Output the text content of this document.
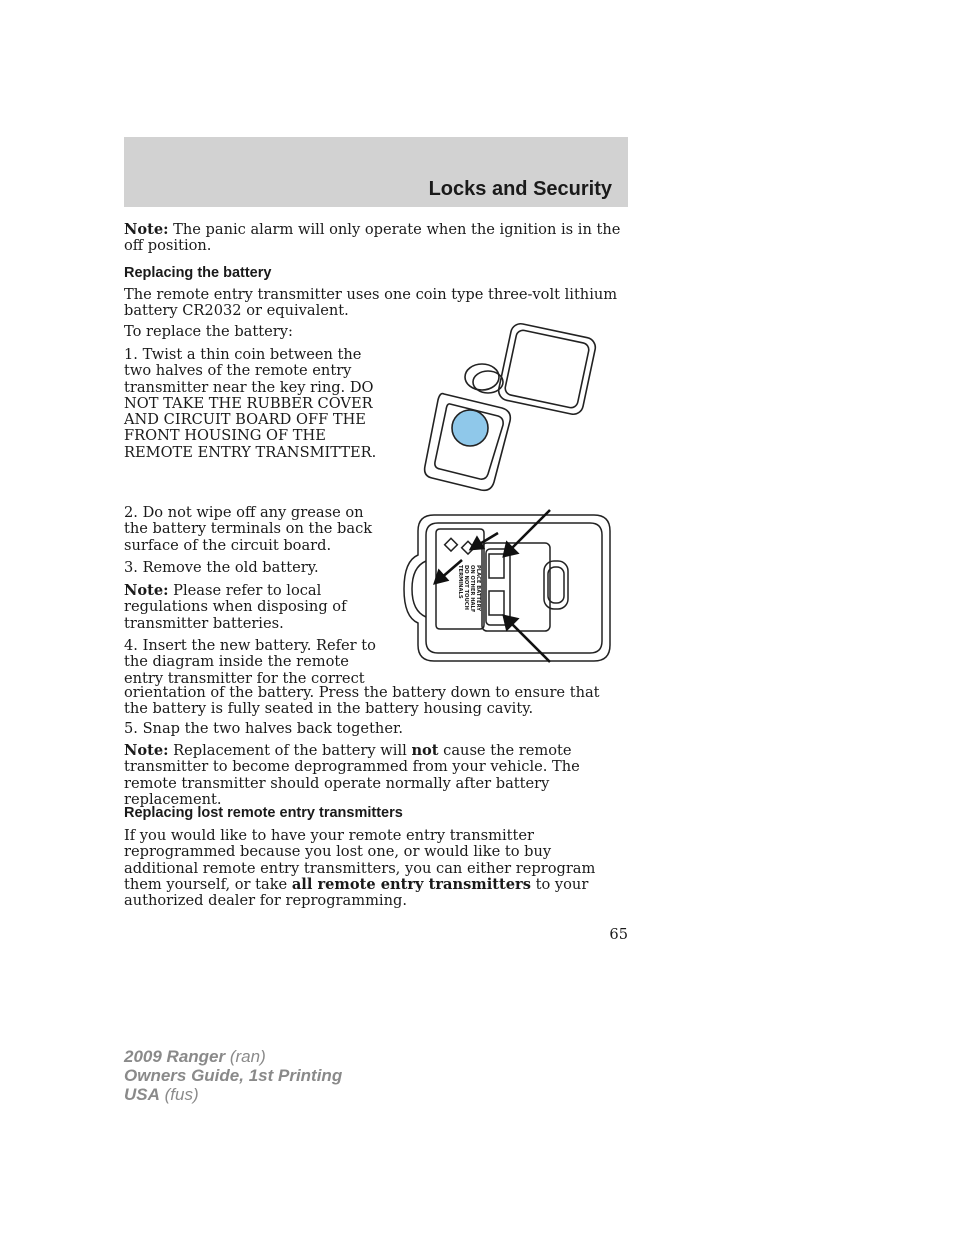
Locks and Security

Note: The panic alarm will only operate when the ignition is in the off position.

Replacing the battery

The remote entry transmitter uses one coin type three-volt lithium battery CR2032 or equivalent.

To replace the battery:

1. Twist a thin coin between the two halves of the remote entry transmitter near the key ring. DO NOT TAKE THE RUBBER COVER AND CIRCUIT BOARD OFF THE FRONT HOUSING OF THE REMOTE ENTRY TRANSMITTER.

2. Do not wipe off any grease on the battery terminals on the back surface of the circuit board.

3. Remove the old battery.

Note: Please refer to local regulations when disposing of transmitter batteries.

4. Insert the new battery. Refer to the diagram inside the remote entry transmitter for the correct

orientation of the battery. Press the battery down to ensure that the battery is fully seated in the battery housing cavity.

5. Snap the two halves back together.

Note: Replacement of the battery will not cause the remote transmitter to become deprogrammed from your vehicle. The remote transmitter should operate normally after battery replacement.

PLACE BATTERY
ON OTHER HALF
DO NOT TOUCH
TERMINALS
Replacing lost remote entry transmitters

If you would like to have your remote entry transmitter reprogrammed because you lost one, or would like to buy additional remote entry transmitters, you can either reprogram them yourself, or take all remote entry transmitters to your authorized dealer for reprogramming.

65
2009 Ranger (ran)
Owners Guide, 1st Printing
USA (fus)
